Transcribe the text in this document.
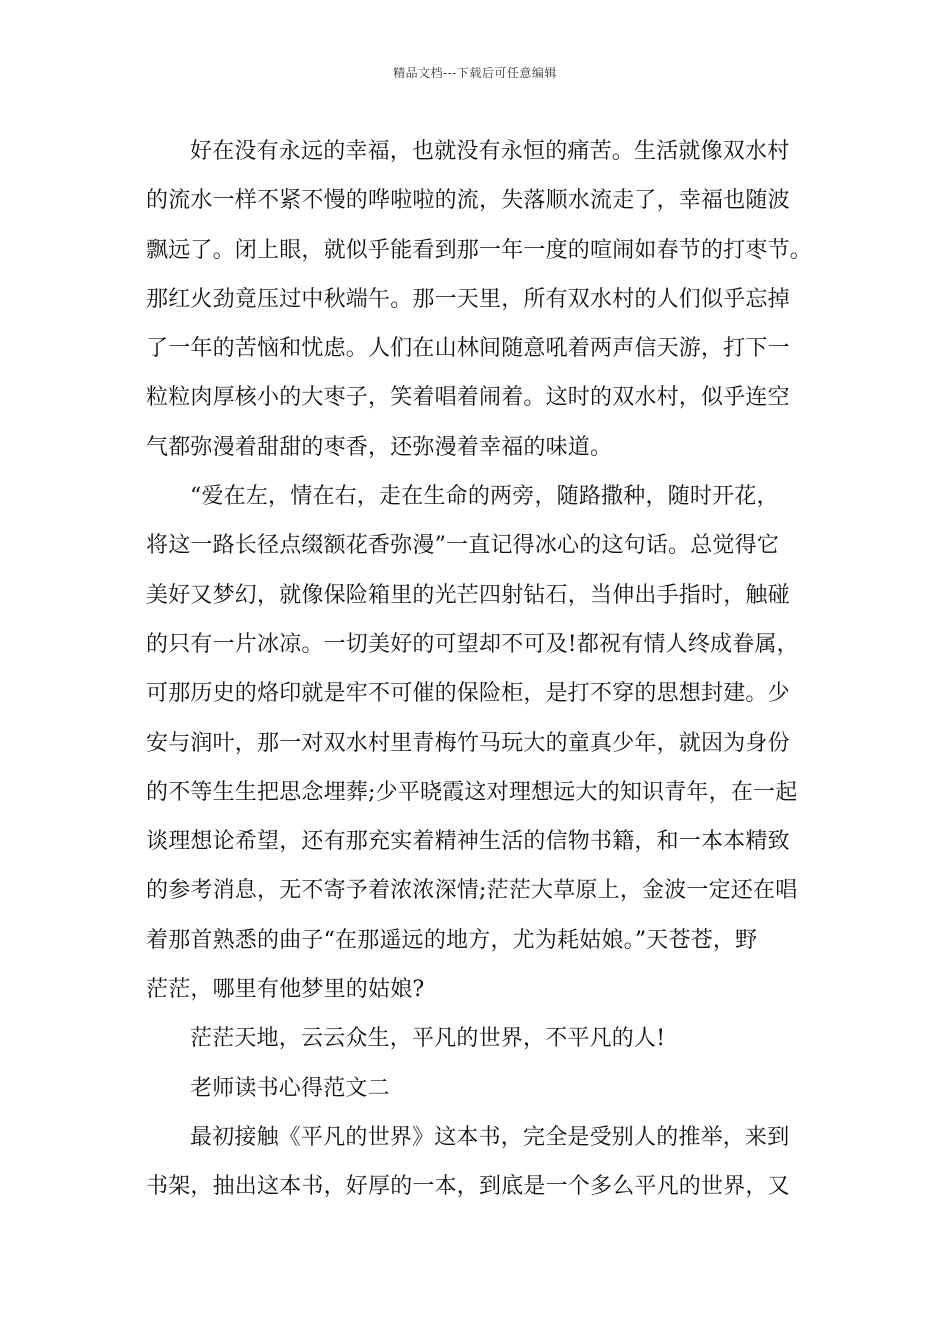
精品文档---下载后可任意编辑
好在没有永远的幸福，也就没有永恒的痛苦。生活就像双水村
的流水一样不紧不慢的哗啦啦的流，失落顺水流走了，幸福也随波
飘远了。闭上眼，就似乎能看到那一年一度的喧闹如春节的打枣节。
那红火劲竟压过中秋端午。那一天里，所有双水村的人们似乎忘掉
了一年的苦恼和忧虑。人们在山林间随意吼着两声信天游，打下一
粒粒肉厚核小的大枣子，笑着唱着闹着。这时的双水村，似乎连空
气都弥漫着甜甜的枣香，还弥漫着幸福的味道。
“爱在左，情在右，走在生命的两旁，随路撒种，随时开花，
将这一路长径点缀额花香弥漫”一直记得冰心的这句话。总觉得它
美好又梦幻，就像保险箱里的光芒四射钻石，当伸出手指时，触碰
的只有一片冰凉。一切美好的可望却不可及!都祝有情人终成眷属，
可那历史的烙印就是牢不可催的保险柜，是打不穿的思想封建。少
安与润叶，那一对双水村里青梅竹马玩大的童真少年，就因为身份
的不等生生把思念埋葬;少平晓霞这对理想远大的知识青年，在一起
谈理想论希望，还有那充实着精神生活的信物书籍，和一本本精致
的参考消息，无不寄予着浓浓深情;茫茫大草原上，金波一定还在唱
着那首熟悉的曲子“在那遥远的地方，尤为耗姑娘。”天苍苍，野
茫茫，哪里有他梦里的姑娘?
茫茫天地，云云众生，平凡的世界，不平凡的人!
老师读书心得范文二
最初接触《平凡的世界》这本书，完全是受别人的推举，来到
书架，抽出这本书，好厚的一本，到底是一个多么平凡的世界，又
